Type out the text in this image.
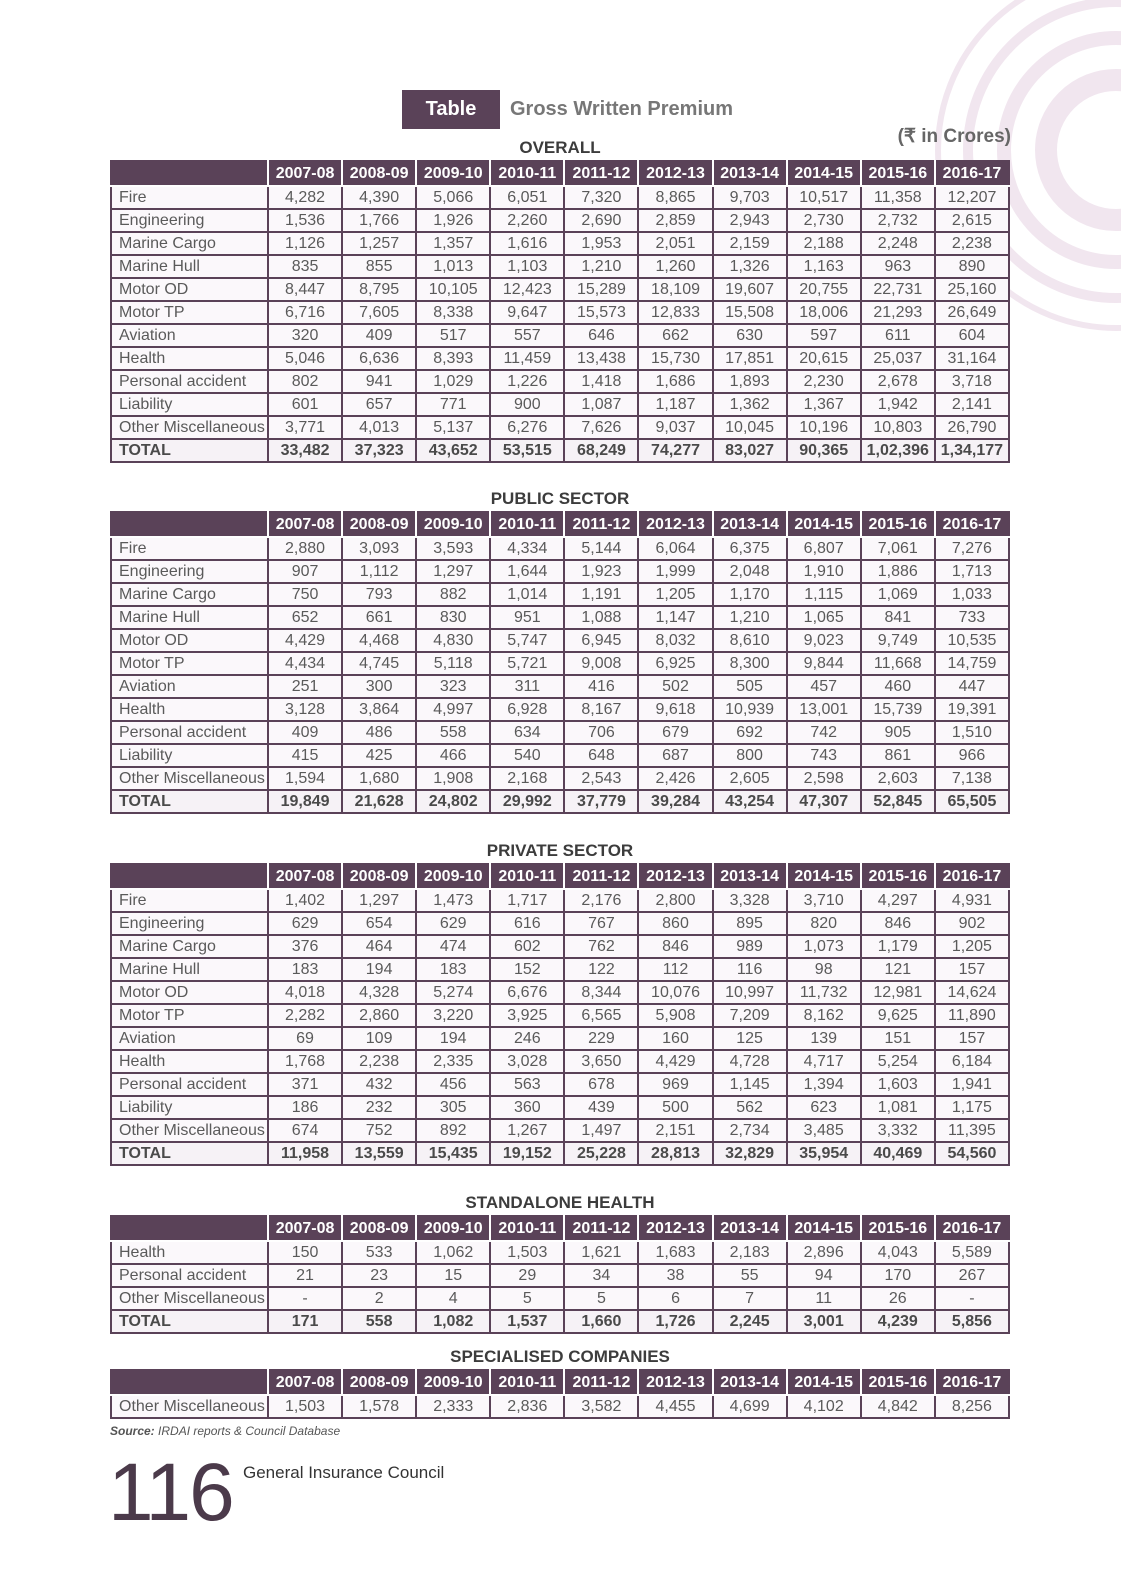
Table 7
Gross Written Premium
(₹ in Crores)
OVERALL
	2007-08	2008-09	2009-10	2010-11	2011-12	2012-13	2013-14	2014-15	2015-16	2016-17
Fire	4,282	4,390	5,066	6,051	7,320	8,865	9,703	10,517	11,358	12,207
Engineering	1,536	1,766	1,926	2,260	2,690	2,859	2,943	2,730	2,732	2,615
Marine Cargo	1,126	1,257	1,357	1,616	1,953	2,051	2,159	2,188	2,248	2,238
Marine Hull	835	855	1,013	1,103	1,210	1,260	1,326	1,163	963	890
Motor OD	8,447	8,795	10,105	12,423	15,289	18,109	19,607	20,755	22,731	25,160
Motor TP	6,716	7,605	8,338	9,647	15,573	12,833	15,508	18,006	21,293	26,649
Aviation	320	409	517	557	646	662	630	597	611	604
Health	5,046	6,636	8,393	11,459	13,438	15,730	17,851	20,615	25,037	31,164
Personal accident	802	941	1,029	1,226	1,418	1,686	1,893	2,230	2,678	3,718
Liability	601	657	771	900	1,087	1,187	1,362	1,367	1,942	2,141
Other Miscellaneous	3,771	4,013	5,137	6,276	7,626	9,037	10,045	10,196	10,803	26,790
TOTAL	33,482	37,323	43,652	53,515	68,249	74,277	83,027	90,365	1,02,396	1,34,177
PUBLIC SECTOR
	2007-08	2008-09	2009-10	2010-11	2011-12	2012-13	2013-14	2014-15	2015-16	2016-17
Fire	2,880	3,093	3,593	4,334	5,144	6,064	6,375	6,807	7,061	7,276
Engineering	907	1,112	1,297	1,644	1,923	1,999	2,048	1,910	1,886	1,713
Marine Cargo	750	793	882	1,014	1,191	1,205	1,170	1,115	1,069	1,033
Marine Hull	652	661	830	951	1,088	1,147	1,210	1,065	841	733
Motor OD	4,429	4,468	4,830	5,747	6,945	8,032	8,610	9,023	9,749	10,535
Motor TP	4,434	4,745	5,118	5,721	9,008	6,925	8,300	9,844	11,668	14,759
Aviation	251	300	323	311	416	502	505	457	460	447
Health	3,128	3,864	4,997	6,928	8,167	9,618	10,939	13,001	15,739	19,391
Personal accident	409	486	558	634	706	679	692	742	905	1,510
Liability	415	425	466	540	648	687	800	743	861	966
Other Miscellaneous	1,594	1,680	1,908	2,168	2,543	2,426	2,605	2,598	2,603	7,138
TOTAL	19,849	21,628	24,802	29,992	37,779	39,284	43,254	47,307	52,845	65,505
PRIVATE SECTOR
	2007-08	2008-09	2009-10	2010-11	2011-12	2012-13	2013-14	2014-15	2015-16	2016-17
Fire	1,402	1,297	1,473	1,717	2,176	2,800	3,328	3,710	4,297	4,931
Engineering	629	654	629	616	767	860	895	820	846	902
Marine Cargo	376	464	474	602	762	846	989	1,073	1,179	1,205
Marine Hull	183	194	183	152	122	112	116	98	121	157
Motor OD	4,018	4,328	5,274	6,676	8,344	10,076	10,997	11,732	12,981	14,624
Motor TP	2,282	2,860	3,220	3,925	6,565	5,908	7,209	8,162	9,625	11,890
Aviation	69	109	194	246	229	160	125	139	151	157
Health	1,768	2,238	2,335	3,028	3,650	4,429	4,728	4,717	5,254	6,184
Personal accident	371	432	456	563	678	969	1,145	1,394	1,603	1,941
Liability	186	232	305	360	439	500	562	623	1,081	1,175
Other Miscellaneous	674	752	892	1,267	1,497	2,151	2,734	3,485	3,332	11,395
TOTAL	11,958	13,559	15,435	19,152	25,228	28,813	32,829	35,954	40,469	54,560
STANDALONE HEALTH
	2007-08	2008-09	2009-10	2010-11	2011-12	2012-13	2013-14	2014-15	2015-16	2016-17
Health	150	533	1,062	1,503	1,621	1,683	2,183	2,896	4,043	5,589
Personal accident	21	23	15	29	34	38	55	94	170	267
Other Miscellaneous	-	2	4	5	5	6	7	11	26	-
TOTAL	171	558	1,082	1,537	1,660	1,726	2,245	3,001	4,239	5,856
SPECIALISED COMPANIES
	2007-08	2008-09	2009-10	2010-11	2011-12	2012-13	2013-14	2014-15	2015-16	2016-17
Other Miscellaneous	1,503	1,578	2,333	2,836	3,582	4,455	4,699	4,102	4,842	8,256
Source: IRDAI reports & Council Database
116 General Insurance Council
